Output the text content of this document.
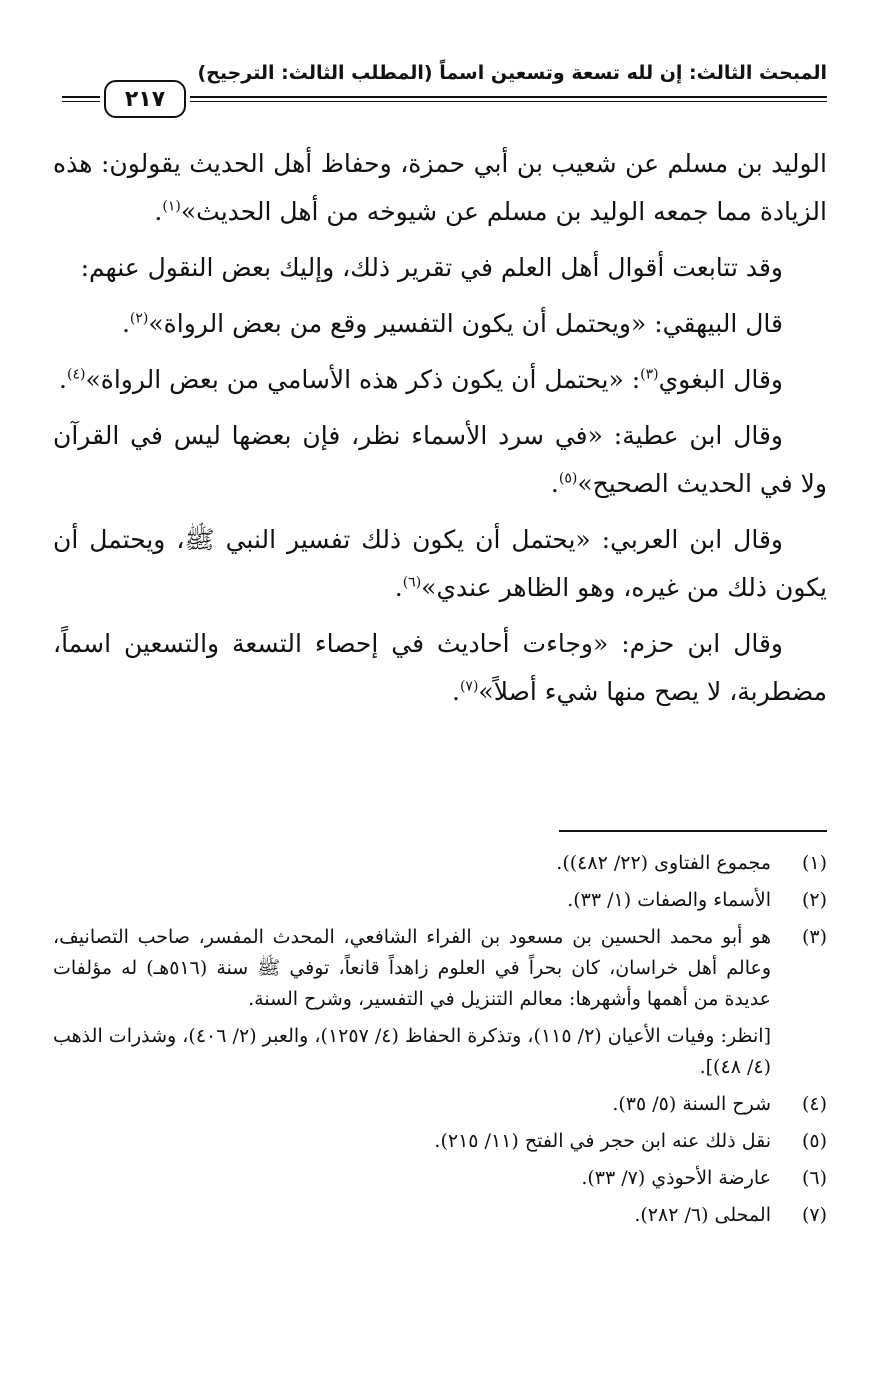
المبحث الثالث: إن لله تسعة وتسعين اسماً (المطلب الثالث: الترجيح)
٢١٧

الوليد بن مسلم عن شعيب بن أبي حمزة، وحفاظ أهل الحديث يقولون: هذه الزيادة مما جمعه الوليد بن مسلم عن شيوخه من أهل الحديث»$^{(١)}$.

وقد تتابعت أقوال أهل العلم في تقرير ذلك، وإليك بعض النقول عنهم:

قال البيهقي: «ويحتمل أن يكون التفسير وقع من بعض الرواة»$^{(٢)}$.

وقال البغوي$^{(٣)}$: «يحتمل أن يكون ذكر هذه الأسامي من بعض الرواة»$^{(٤)}$.

وقال ابن عطية: «في سرد الأسماء نظر، فإن بعضها ليس في القرآن ولا في الحديث الصحيح»$^{(٥)}$.

وقال ابن العربي: «يحتمل أن يكون ذلك تفسير النبي ﷺ، ويحتمل أن يكون ذلك من غيره، وهو الظاهر عندي»$^{(٦)}$.

وقال ابن حزم: «وجاءت أحاديث في إحصاء التسعة والتسعين اسماً، مضطربة، لا يصح منها شيء أصلاً»$^{(٧)}$.

(١)
مجموع الفتاوى (٢٢/ ٤٨٢)).
(٢)
الأسماء والصفات (١/ ٣٣).
(٣)
هو أبو محمد الحسين بن مسعود بن الفراء الشافعي، المحدث المفسر، صاحب التصانيف، وعالم أهل خراسان، كان بحراً في العلوم زاهداً قانعاً، توفي ﷺ سنة (٥١٦هـ) له مؤلفات عديدة من أهمها وأشهرها: معالم التنزيل في التفسير، وشرح السنة.
[انظر: وفيات الأعيان (٢/ ١١٥)، وتذكرة الحفاظ (٤/ ١٢٥٧)، والعبر (٢/ ٤٠٦)، وشذرات الذهب (٤/ ٤٨)].
(٤)
شرح السنة (٥/ ٣٥).
(٥)
نقل ذلك عنه ابن حجر في الفتح (١١/ ٢١٥).
(٦)
عارضة الأحوذي (٧/ ٣٣).
(٧)
المحلى (٦/ ٢٨٢).
